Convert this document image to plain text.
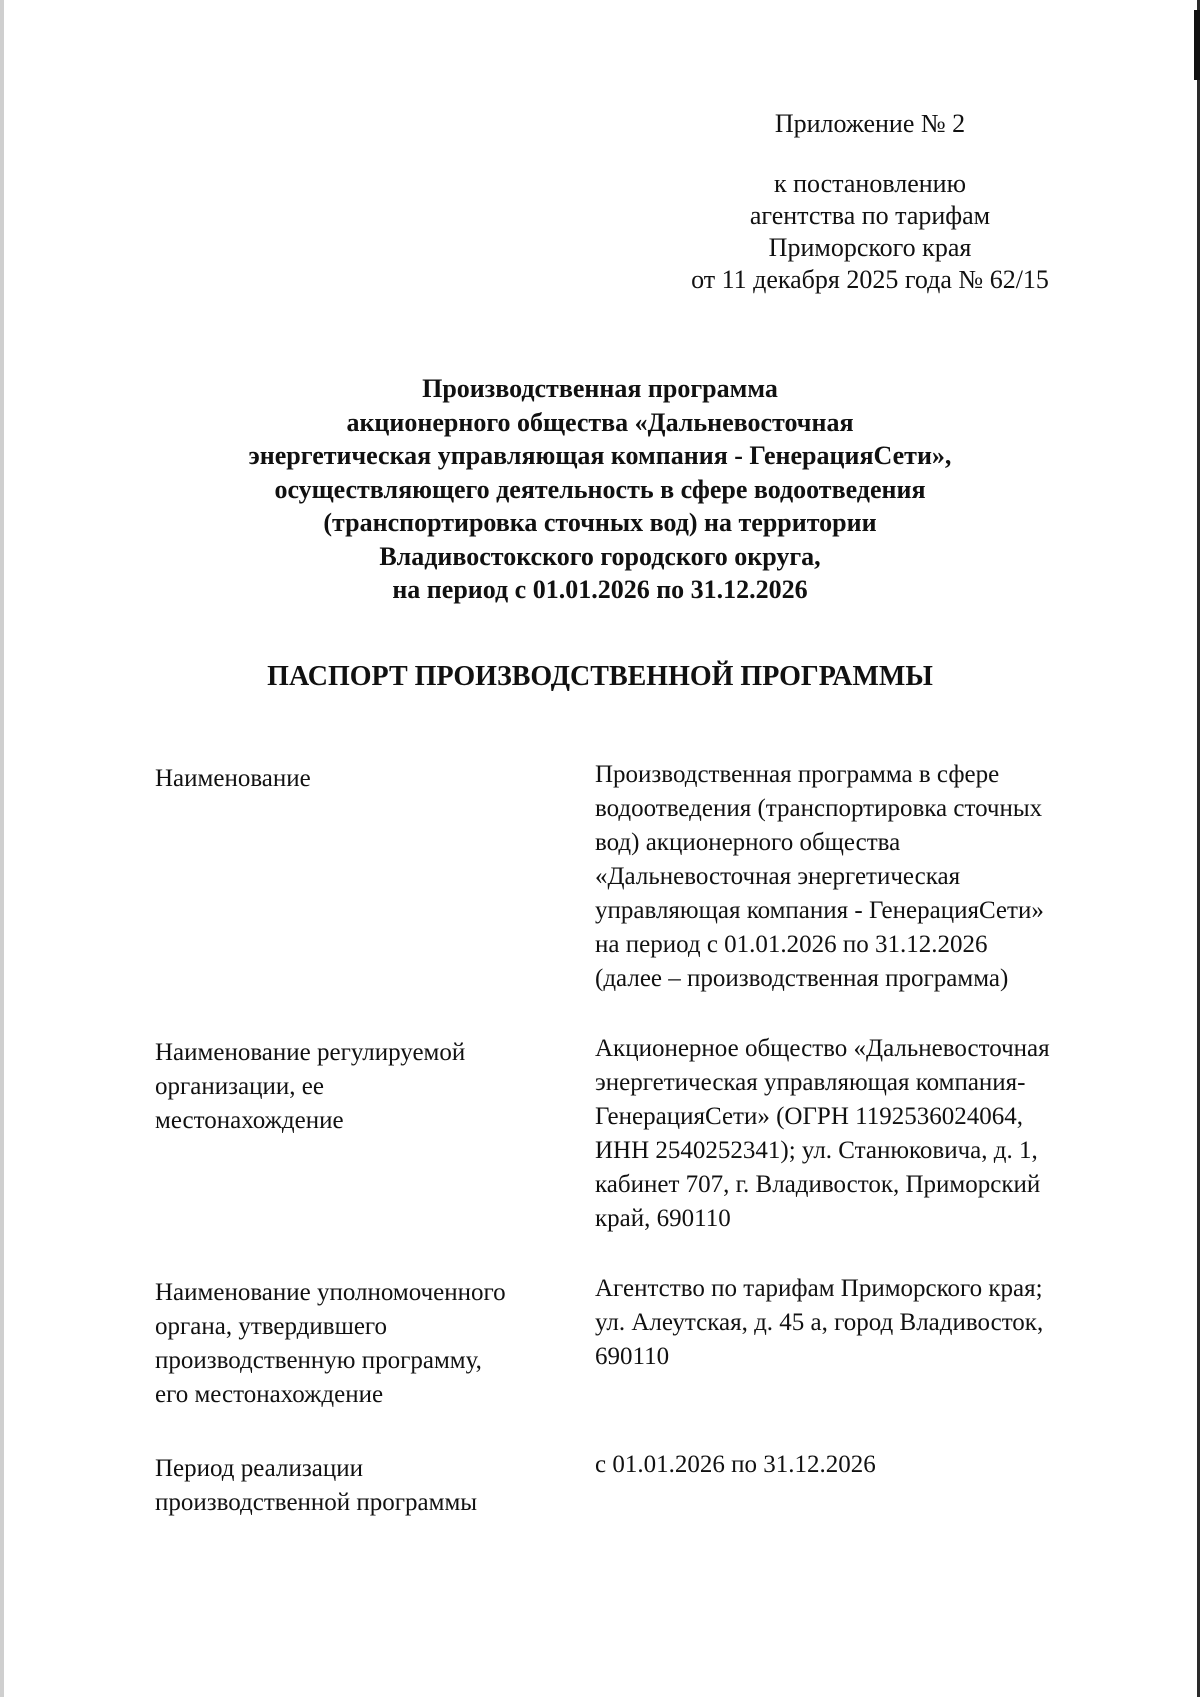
Приложение № 2
к постановлению
агентства по тарифам
Приморского края
от 11 декабря 2025 года № 62/15
Производственная программа
акционерного общества «Дальневосточная
энергетическая управляющая компания - ГенерацияСети»,
осуществляющего деятельность в сфере водоотведения
(транспортировка сточных вод) на территории
Владивостокского городского округа,
на период с 01.01.2026 по 31.12.2026
ПАСПОРТ ПРОИЗВОДСТВЕННОЙ ПРОГРАММЫ
Наименование	Производственная программа в сфере
водоотведения (транспортировка сточных
вод) акционерного общества
«Дальневосточная энергетическая
управляющая компания - ГенерацияСети»
на период с 01.01.2026 по 31.12.2026
(далее – производственная программа)
Наименование регулируемой
организации, ее
местонахождение
Акционерное общество «Дальневосточная
энергетическая управляющая компания-
ГенерацияСети» (ОГРН 1192536024064,
ИНН 2540252341); ул. Станюковича, д. 1,
кабинет 707, г. Владивосток, Приморский
край, 690110
Наименование уполномоченного
органа, утвердившего
производственную программу,
его местонахождение
Агентство по тарифам Приморского края;
ул. Алеутская, д. 45 а, город Владивосток,
690110
Период реализации
производственной программы
с 01.01.2026 по 31.12.2026
